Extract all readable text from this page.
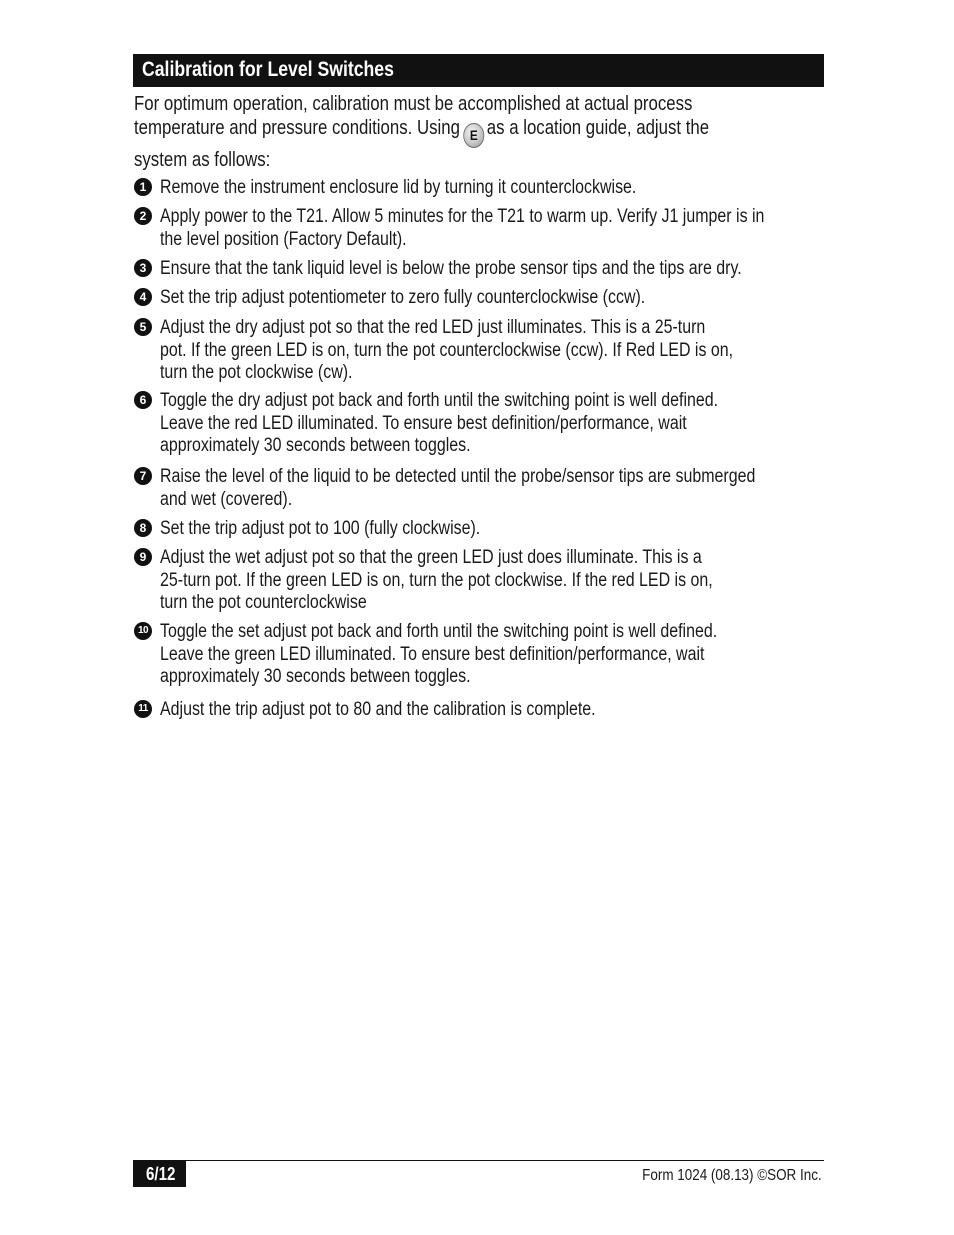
Calibration for Level Switches
For optimum operation, calibration must be accomplished at actual process
temperature and pressure conditions. Using E as a location guide, adjust the
system as follows:
1 Remove the instrument enclosure lid by turning it counterclockwise.
2 Apply power to the T21. Allow 5 minutes for the T21 to warm up. Verify J1 jumper is in
the level position (Factory Default).
3 Ensure that the tank liquid level is below the probe sensor tips and the tips are dry.
4 Set the trip adjust potentiometer to zero fully counterclockwise (ccw).
5 Adjust the dry adjust pot so that the red LED just illuminates. This is a 25-turn
pot. If the green LED is on, turn the pot counterclockwise (ccw). If Red LED is on,
turn the pot clockwise (cw).
6 Toggle the dry adjust pot back and forth until the switching point is well defined.
Leave the red LED illuminated. To ensure best definition/performance, wait
approximately 30 seconds between toggles.
7 Raise the level of the liquid to be detected until the probe/sensor tips are submerged
and wet (covered).
8 Set the trip adjust pot to 100 (fully clockwise).
9 Adjust the wet adjust pot so that the green LED just does illuminate. This is a
25-turn pot. If the green LED is on, turn the pot clockwise. If the red LED is on,
turn the pot counterclockwise
10 Toggle the set adjust pot back and forth until the switching point is well defined.
Leave the green LED illuminated. To ensure best definition/performance, wait
approximately 30 seconds between toggles.
11 Adjust the trip adjust pot to 80 and the calibration is complete.
6/12	Form 1024 (08.13) ©SOR Inc.
